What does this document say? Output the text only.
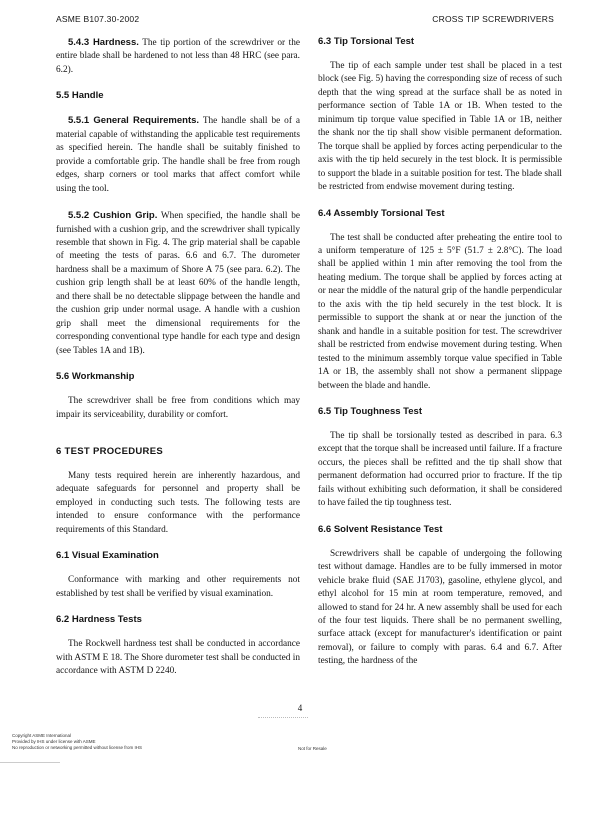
ASME B107.30-2002	CROSS TIP SCREWDRIVERS

5.4.3 Hardness. The tip portion of the screwdriver or the entire blade shall be hardened to not less than 48 HRC (see para. 6.2).

5.5 Handle

5.5.1 General Requirements. The handle shall be of a material capable of withstanding the applicable test requirements as specified herein. The handle shall be suitably finished to provide a comfortable grip. The handle shall be free from rough edges, sharp corners or tool marks that affect comfort while using the tool.

5.5.2 Cushion Grip. When specified, the handle shall be furnished with a cushion grip, and the screwdriver shall typically resemble that shown in Fig. 4. The grip material shall be capable of meeting the tests of paras. 6.6 and 6.7. The durometer hardness shall be a maximum of Shore A 75 (see para. 6.2). The cushion grip length shall be at least 60% of the handle length, and there shall be no detectable slippage between the handle and the cushion grip under normal usage. A handle with a cushion grip shall meet the dimensional requirements for the corresponding conventional type handle for each type and design (see Tables 1A and 1B).

5.6 Workmanship

The screwdriver shall be free from conditions which may impair its serviceability, durability or comfort.

6 TEST PROCEDURES

Many tests required herein are inherently hazardous, and adequate safeguards for personnel and property shall be employed in conducting such tests. The following tests are intended to ensure conformance with the performance requirements of this Standard.

6.1 Visual Examination

Conformance with marking and other requirements not established by test shall be verified by visual examination.

6.2 Hardness Tests

The Rockwell hardness test shall be conducted in accordance with ASTM E 18. The Shore durometer test shall be conducted in accordance with ASTM D 2240.

6.3 Tip Torsional Test

The tip of each sample under test shall be placed in a test block (see Fig. 5) having the corresponding size of recess of such depth that the wing spread at the surface shall be as noted in performance section of Table 1A or 1B. When tested to the minimum tip torque value specified in Table 1A or 1B, neither the shank nor the tip shall show visible permanent deformation. The torque shall be applied by forces acting perpendicular to the axis with the tip held securely in the test block. It is permissible to support the blade in a suitable position for test. The blade shall be restricted from endwise movement during testing.

6.4 Assembly Torsional Test

The test shall be conducted after preheating the entire tool to a uniform temperature of 125 ± 5°F (51.7 ± 2.8°C). The load shall be applied within 1 min after removing the tool from the heating medium. The torque shall be applied by forces acting at or near the middle of the natural grip of the handle perpendicular to the axis with the tip held securely in the test block. It is permissible to support the shank at or near the junction of the shank and handle in a suitable position for test. The screwdriver shall be restricted from endwise movement during testing. When tested to the minimum assembly torque value specified in Table 1A or 1B, the assembly shall not show a permanent slippage between the blade and handle.

6.5 Tip Toughness Test

The tip shall be torsionally tested as described in para. 6.3 except that the torque shall be increased until failure. If a fracture occurs, the pieces shall be refitted and the tip shall show that permanent deformation had occurred prior to fracture. If the tip fails without exhibiting such deformation, it shall be considered to have failed the tip toughness test.

6.6 Solvent Resistance Test

Screwdrivers shall be capable of undergoing the following test without damage. Handles are to be fully immersed in motor vehicle brake fluid (SAE J1703), gasoline, ethylene glycol, and ethyl alcohol for 15 min at room temperature, removed, and allowed to stand for 24 hr. A new assembly shall be used for each of the four test liquids. There shall be no permanent swelling, surface attack (except for manufacturer's identification or paint removal), or failure to comply with paras. 6.4 and 6.7. After testing, the hardness of the

4
Copyright ASME International
Provided by IHS under license with ASME
No reproduction or networking permitted without license from IHS	Not for Resale
